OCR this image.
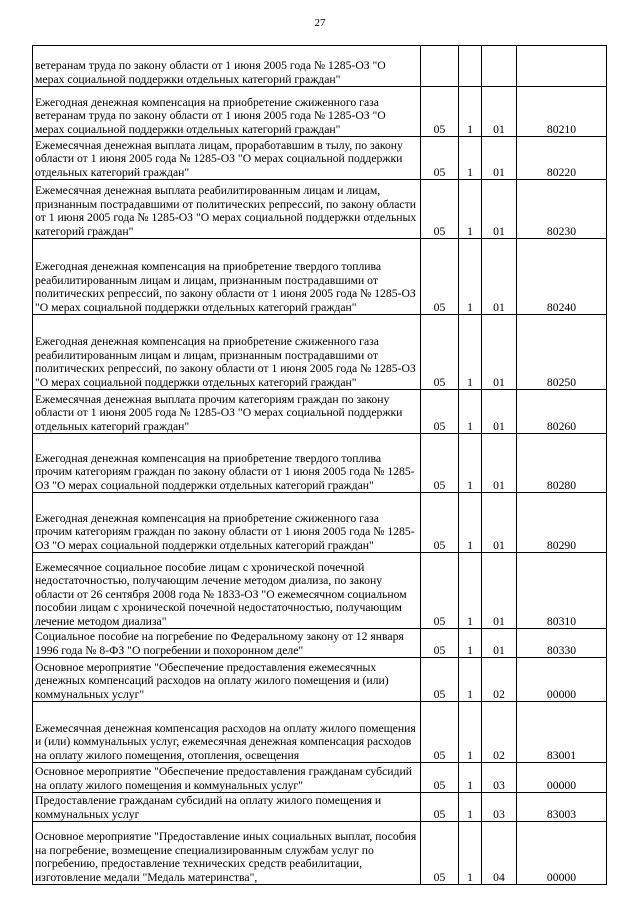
27
ветеранам труда по закону области от 1 июня 2005 года № 1285-ОЗ "О мерах социальной поддержки отдельных категорий граждан"				
Ежегодная денежная компенсация на приобретение сжиженного газа ветеранам труда по закону области от 1 июня 2005 года № 1285-ОЗ "О мерах социальной поддержки отдельных категорий граждан"	05	1	01	80210
Ежемесячная денежная выплата лицам, проработавшим в тылу, по закону области от 1 июня 2005 года № 1285-ОЗ "О мерах социальной поддержки отдельных категорий граждан"	05	1	01	80220
Ежемесячная денежная выплата реабилитированным лицам и лицам, признанным пострадавшими от политических репрессий, по закону области от 1 июня 2005 года № 1285-ОЗ "О мерах социальной поддержки отдельных категорий граждан"	05	1	01	80230
Ежегодная денежная компенсация на приобретение твердого топлива реабилитированным лицам и лицам, признанным пострадавшими от политических репрессий, по закону области от 1 июня 2005 года № 1285-ОЗ "О мерах социальной поддержки отдельных категорий граждан"	05	1	01	80240
Ежегодная денежная компенсация на приобретение сжиженного газа реабилитированным лицам и лицам, признанным пострадавшими от политических репрессий, по закону области от 1 июня 2005 года № 1285-ОЗ "О мерах социальной поддержки отдельных категорий граждан"	05	1	01	80250
Ежемесячная денежная выплата прочим категориям граждан по закону области от 1 июня 2005 года № 1285-ОЗ "О мерах социальной поддержки отдельных категорий граждан"	05	1	01	80260
Ежегодная денежная компенсация на приобретение твердого топлива прочим категориям граждан по закону области от 1 июня 2005 года № 1285-ОЗ "О мерах социальной поддержки отдельных категорий граждан"	05	1	01	80280
Ежегодная денежная компенсация на приобретение сжиженного газа прочим категориям граждан по закону области от 1 июня 2005 года № 1285-ОЗ "О мерах социальной поддержки отдельных категорий граждан"	05	1	01	80290
Ежемесячное социальное пособие лицам с хронической почечной недостаточностью, получающим лечение методом диализа, по закону области от 26 сентября 2008 года № 1833-ОЗ "О ежемесячном социальном пособии лицам с хронической почечной недостаточностью, получающим лечение методом диализа"	05	1	01	80310
Социальное пособие на погребение по Федеральному закону от 12 января 1996 года № 8-ФЗ "О погребении и похоронном деле"	05	1	01	80330
Основное мероприятие "Обеспечение предоставления ежемесячных денежных компенсаций расходов на оплату жилого помещения и (или) коммунальных услуг"	05	1	02	00000
Ежемесячная денежная компенсация расходов на оплату жилого помещения и (или) коммунальных услуг, ежемесячная денежная компенсация расходов на оплату жилого помещения, отопления, освещения	05	1	02	83001
Основное мероприятие "Обеспечение предоставления гражданам субсидий на оплату жилого помещения и коммунальных услуг"	05	1	03	00000
Предоставление гражданам субсидий на оплату жилого помещения и коммунальных услуг	05	1	03	83003
Основное мероприятие "Предоставление иных социальных выплат, пособия на погребение, возмещение специализированным службам услуг по погребению, предоставление технических средств реабилитации, изготовление медали "Медаль материнства",	05	1	04	00000
